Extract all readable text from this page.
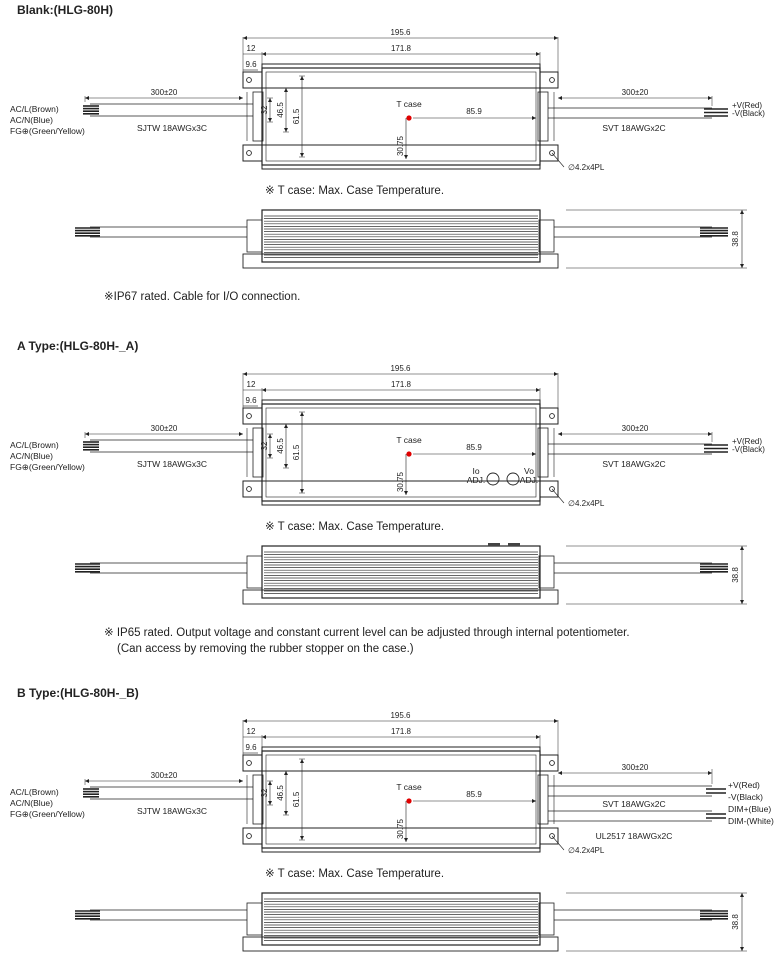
Blank:(HLG-80H)
195.6
171.8
12
9.6
32 46.5 61.5
T case
30.75
85.9
∅4.2x4PL
300±20
SJTW 18AWGx3C
AC/L(Brown)
AC/N(Blue)
FG⊕(Green/Yellow)
300±20
SVT 18AWGx2C
+V(Red)
-V(Black)
※ T case: Max. Case Temperature.
38.8
※IP67 rated. Cable for I/O connection.
A Type:(HLG-80H-_A)
195.6
171.8
12
9.6
32 46.5 61.5
T case
30.75
85.9
∅4.2x4PL
300±20
SJTW 18AWGx3C
AC/L(Brown)
AC/N(Blue)
FG⊕(Green/Yellow)
300±20
SVT 18AWGx2C
+V(Red)
-V(Black)
Io
ADJ.
Vo
ADJ.
※ T case: Max. Case Temperature.
38.8
※ IP65 rated. Output voltage and constant current level can be adjusted through internal potentiometer.
(Can access by removing the rubber stopper on the case.)
B Type:(HLG-80H-_B)
195.6
171.8
12
9.6
32 46.5 61.5
T case
30.75
85.9
∅4.2x4PL
300±20
SJTW 18AWGx3C
AC/L(Brown)
AC/N(Blue)
FG⊕(Green/Yellow)
300±20
SVT 18AWGx2C
UL2517 18AWGx2C
+V(Red)
-V(Black)
DIM+(Blue)
DIM-(White)
※ T case: Max. Case Temperature.
38.8
